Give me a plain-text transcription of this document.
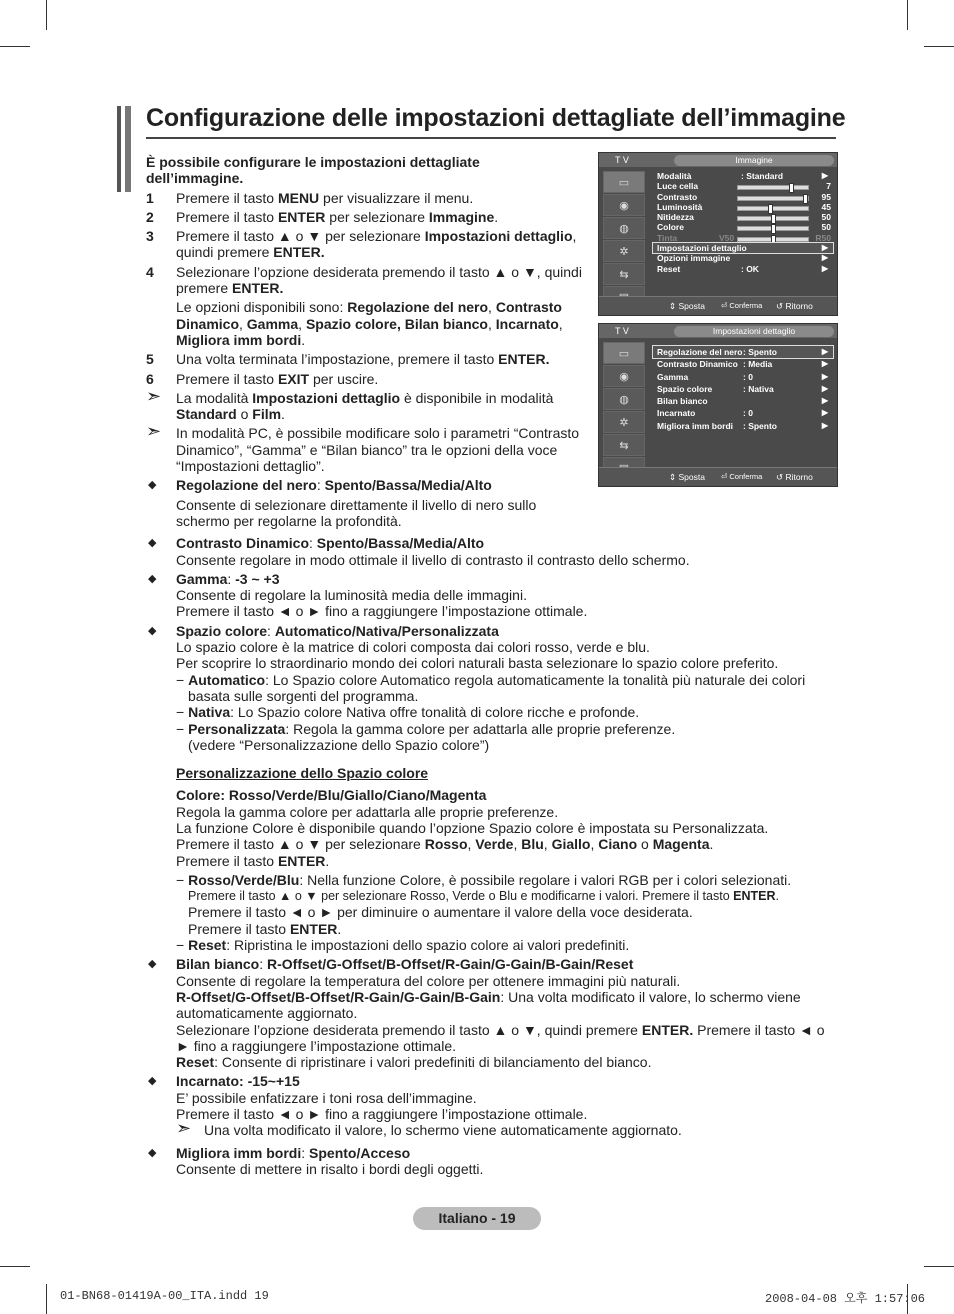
Configurazione delle impostazioni dettagliate dell’immagine

È possibile configurare le impostazioni dettagliate dell’immagine.

1 Premere il tasto MENU per visualizzare il menu.

2 Premere il tasto ENTER per selezionare Immagine.

3 Premere il tasto ▲ o ▼ per selezionare Impostazioni dettaglio, quindi premere ENTER.

4 Selezionare l’opzione desiderata premendo il tasto ▲ o ▼, quindi premere ENTER.

Le opzioni disponibili sono: Regolazione del nero, Contrasto Dinamico, Gamma, Spazio colore, Bilan bianco, Incarnato, Migliora imm bordi.

5 Una volta terminata l’impostazione, premere il tasto ENTER.

6 Premere il tasto EXIT per uscire.

➣ La modalità Impostazioni dettaglio è disponibile in modalità Standard o Film.

➣ In modalità PC, è possibile modificare solo i parametri “Contrasto Dinamico”, “Gamma” e “Bilan bianco” tra le opzioni della voce “Impostazioni dettaglio”.

◆ Regolazione del nero: Spento/Bassa/Media/Alto

Consente di selezionare direttamente il livello di nero sullo schermo per regolarne la profondità.

◆ Contrasto Dinamico: Spento/Bassa/Media/Alto

Consente regolare in modo ottimale il livello di contrasto il contrasto dello schermo.

◆ Gamma: -3 ~ +3

Consente di regolare la luminosità media delle immagini.

Premere il tasto ◄ o ► fino a raggiungere l’impostazione ottimale.

◆ Spazio colore: Automatico/Nativa/Personalizzata

Lo spazio colore è la matrice di colori composta dai colori rosso, verde e blu.

Per scoprire lo straordinario mondo dei colori naturali basta selezionare lo spazio colore preferito.

− Automatico: Lo Spazio colore Automatico regola automaticamente la tonalità più naturale dei colori basata sulle sorgenti del programma.

− Nativa: Lo Spazio colore Nativa offre tonalità di colore ricche e profonde.

− Personalizzata: Regola la gamma colore per adattarla alle proprie preferenze.

(vedere “Personalizzazione dello Spazio colore”)

Personalizzazione dello Spazio colore

Colore: Rosso/Verde/Blu/Giallo/Ciano/Magenta

Regola la gamma colore per adattarla alle proprie preferenze.

La funzione Colore è disponibile quando l’opzione Spazio colore è impostata su Personalizzata.

Premere il tasto ▲ o ▼ per selezionare Rosso, Verde, Blu, Giallo, Ciano o Magenta.

Premere il tasto ENTER.

− Rosso/Verde/Blu: Nella funzione Colore, è possibile regolare i valori RGB per i colori selezionati.

Premere il tasto ▲ o ▼ per selezionare Rosso, Verde o Blu e modificarne i valori. Premere il tasto ENTER.

Premere il tasto ◄ o ► per diminuire o aumentare il valore della voce desiderata.

Premere il tasto ENTER.

− Reset: Ripristina le impostazioni dello spazio colore ai valori predefiniti.

◆ Bilan bianco: R-Offset/G-Offset/B-Offset/R-Gain/G-Gain/B-Gain/Reset

Consente di regolare la temperatura del colore per ottenere immagini più naturali.

R-Offset/G-Offset/B-Offset/R-Gain/G-Gain/B-Gain: Una volta modificato il valore, lo schermo viene automaticamente aggiornato.

Selezionare l’opzione desiderata premendo il tasto ▲ o ▼, quindi premere ENTER. Premere il tasto ◄ o ► fino a raggiungere l’impostazione ottimale.

Reset: Consente di ripristinare i valori predefiniti di bilanciamento del bianco.

◆ Incarnato: -15~+15

E’ possibile enfatizzare i toni rosa dell’immagine.

Premere il tasto ◄ o ► fino a raggiungere l’impostazione ottimale.

➣ Una volta modificato il valore, lo schermo viene automaticamente aggiornato.

◆ Migliora imm bordi: Spento/Acceso

Consente di mettere in risalto i bordi degli oggetti.

T V	Immagine
▭
◉
◍
✲
⇆
Modalità	: Standard	▶
Luce cella	7
Contrasto	95
Luminosità	45
Nitidezza	50
Colore	50
Tinta	V50	R50
Impostazioni dettaglio	▶
Opzioni immagine	▶
Reset	: OK	▶
⇕ Sposta ⏎ Conferma ↺ Ritorno
T V	Impostazioni dettaglio
▭
◉
◍
✲
⇆
Regolazione del nero : Spento	▶
Contrasto Dinamico : Media	▶
Gamma	: 0	▶
Spazio colore	: Nativa	▶
Bilan bianco	▶
Incarnato	: 0	▶
Migliora imm bordi : Spento	▶
⇕ Sposta ⏎ Conferma ↺ Ritorno
Italiano - 19
01-BN68-01419A-00_ITA.indd 19	2008-04-08 오후 1:57:06
